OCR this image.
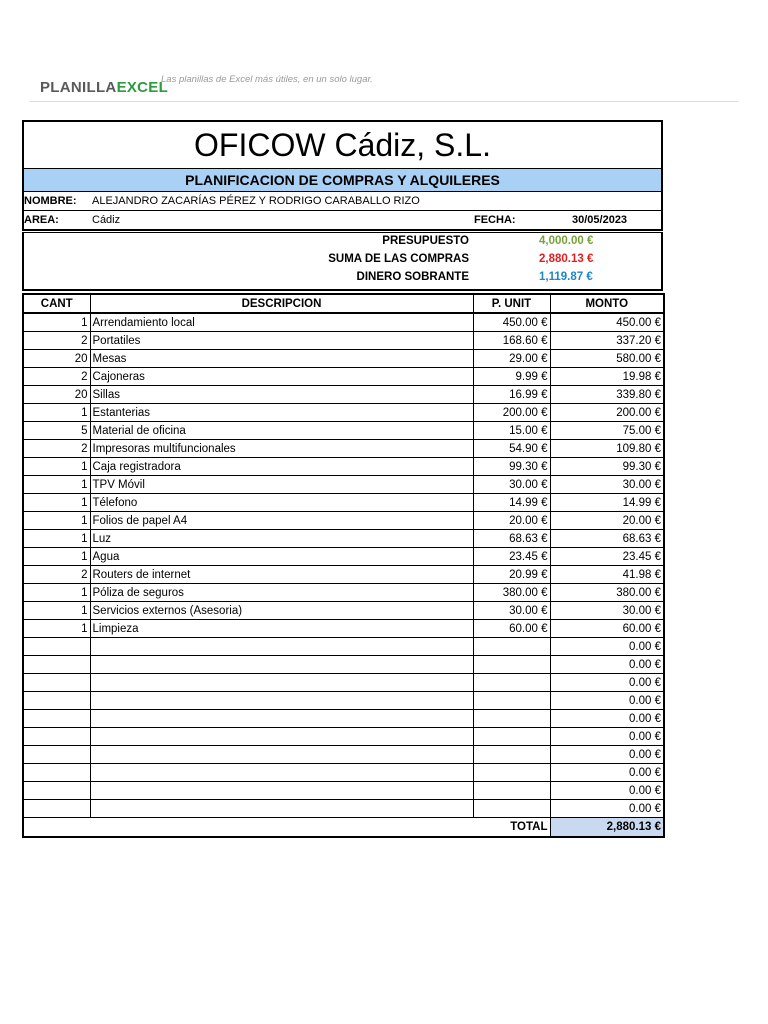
PLANILLAEXCEL
Las planillas de Excel más útiles, en un solo lugar.
OFICOW Cádiz, S.L.
PLANIFICACION DE COMPRAS Y ALQUILERES
NOMBRE: ALEJANDRO ZACARÍAS PÉREZ Y RODRIGO CARABALLO RIZO
AREA:	Cádiz	FECHA:	30/05/2023
PRESUPUESTO	4,000.00 €
SUMA DE LAS COMPRAS	2,880.13 €
DINERO SOBRANTE	1,119.87 €
CANT	DESCRIPCION	P. UNIT	MONTO
1	Arrendamiento local	450.00 €	450.00 €
2	Portatiles	168.60 €	337.20 €
20	Mesas	29.00 €	580.00 €
2	Cajoneras	9.99 €	19.98 €
20	Sillas	16.99 €	339.80 €
1	Estanterias	200.00 €	200.00 €
5	Material de oficina	15.00 €	75.00 €
2	Impresoras multifuncionales	54.90 €	109.80 €
1	Caja registradora	99.30 €	99.30 €
1	TPV Móvil	30.00 €	30.00 €
1	Télefono	14.99 €	14.99 €
1	Folios de papel A4	20.00 €	20.00 €
1	Luz	68.63 €	68.63 €
1	Agua	23.45 €	23.45 €
2	Routers de internet	20.99 €	41.98 €
1	Póliza de seguros	380.00 €	380.00 €
1	Servicios externos (Asesoria)	30.00 €	30.00 €
1	Limpieza	60.00 €	60.00 €
			0.00 €
			0.00 €
			0.00 €
			0.00 €
			0.00 €
			0.00 €
			0.00 €
			0.00 €
			0.00 €
			0.00 €
		TOTAL	2,880.13 €
